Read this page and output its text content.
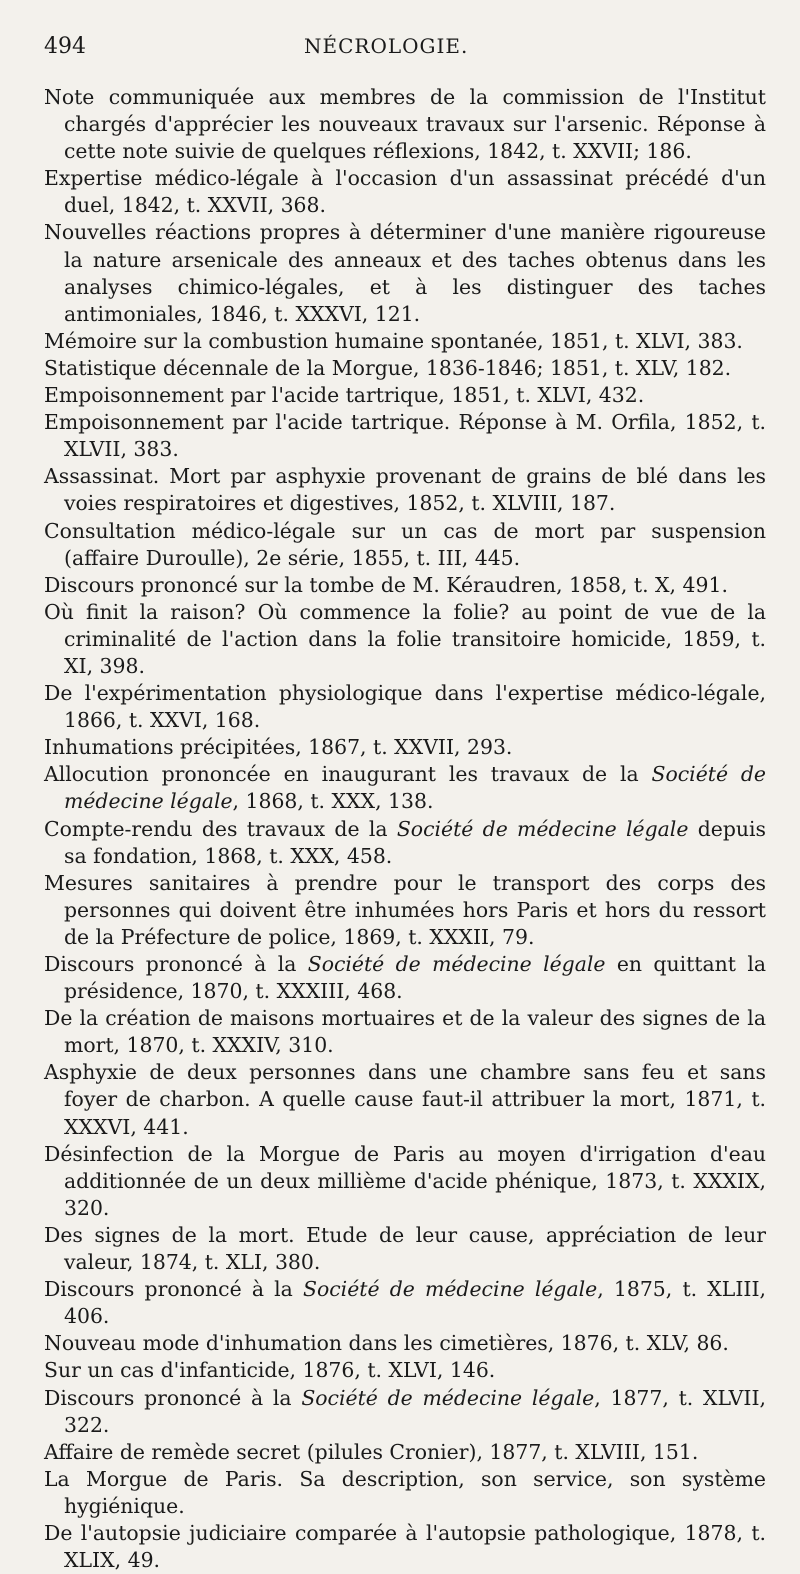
494	NÉCROLOGIE.
Note communiquée aux membres de la commission de l'Institut chargés d'apprécier les nouveaux travaux sur l'arsenic. Réponse à cette note suivie de quelques réflexions, 1842, t. XXVII; 186.
Expertise médico-légale à l'occasion d'un assassinat précédé d'un duel, 1842, t. XXVII, 368.
Nouvelles réactions propres à déterminer d'une manière rigoureuse la nature arsenicale des anneaux et des taches obtenus dans les analyses chimico-légales, et à les distinguer des taches antimoniales, 1846, t. XXXVI, 121.
Mémoire sur la combustion humaine spontanée, 1851, t. XLVI, 383.
Statistique décennale de la Morgue, 1836-1846; 1851, t. XLV, 182.
Empoisonnement par l'acide tartrique, 1851, t. XLVI, 432.
Empoisonnement par l'acide tartrique. Réponse à M. Orfila, 1852, t. XLVII, 383.
Assassinat. Mort par asphyxie provenant de grains de blé dans les voies respiratoires et digestives, 1852, t. XLVIII, 187.
Consultation médico-légale sur un cas de mort par suspension (affaire Duroulle), 2e série, 1855, t. III, 445.
Discours prononcé sur la tombe de M. Kéraudren, 1858, t. X, 491.
Où finit la raison? Où commence la folie? au point de vue de la criminalité de l'action dans la folie transitoire homicide, 1859, t. XI, 398.
De l'expérimentation physiologique dans l'expertise médico-légale, 1866, t. XXVI, 168.
Inhumations précipitées, 1867, t. XXVII, 293.
Allocution prononcée en inaugurant les travaux de la Société de médecine légale, 1868, t. XXX, 138.
Compte-rendu des travaux de la Société de médecine légale depuis sa fondation, 1868, t. XXX, 458.
Mesures sanitaires à prendre pour le transport des corps des personnes qui doivent être inhumées hors Paris et hors du ressort de la Préfecture de police, 1869, t. XXXII, 79.
Discours prononcé à la Société de médecine légale en quittant la présidence, 1870, t. XXXIII, 468.
De la création de maisons mortuaires et de la valeur des signes de la mort, 1870, t. XXXIV, 310.
Asphyxie de deux personnes dans une chambre sans feu et sans foyer de charbon. A quelle cause faut-il attribuer la mort, 1871, t. XXXVI, 441.
Désinfection de la Morgue de Paris au moyen d'irrigation d'eau additionnée de un deux millième d'acide phénique, 1873, t. XXXIX, 320.
Des signes de la mort. Etude de leur cause, appréciation de leur valeur, 1874, t. XLI, 380.
Discours prononcé à la Société de médecine légale, 1875, t. XLIII, 406.
Nouveau mode d'inhumation dans les cimetières, 1876, t. XLV, 86.
Sur un cas d'infanticide, 1876, t. XLVI, 146.
Discours prononcé à la Société de médecine légale, 1877, t. XLVII, 322.
Affaire de remède secret (pilules Cronier), 1877, t. XLVIII, 151.
La Morgue de Paris. Sa description, son service, son système hygiénique.
De l'autopsie judiciaire comparée à l'autopsie pathologique, 1878, t. XLIX, 49.
